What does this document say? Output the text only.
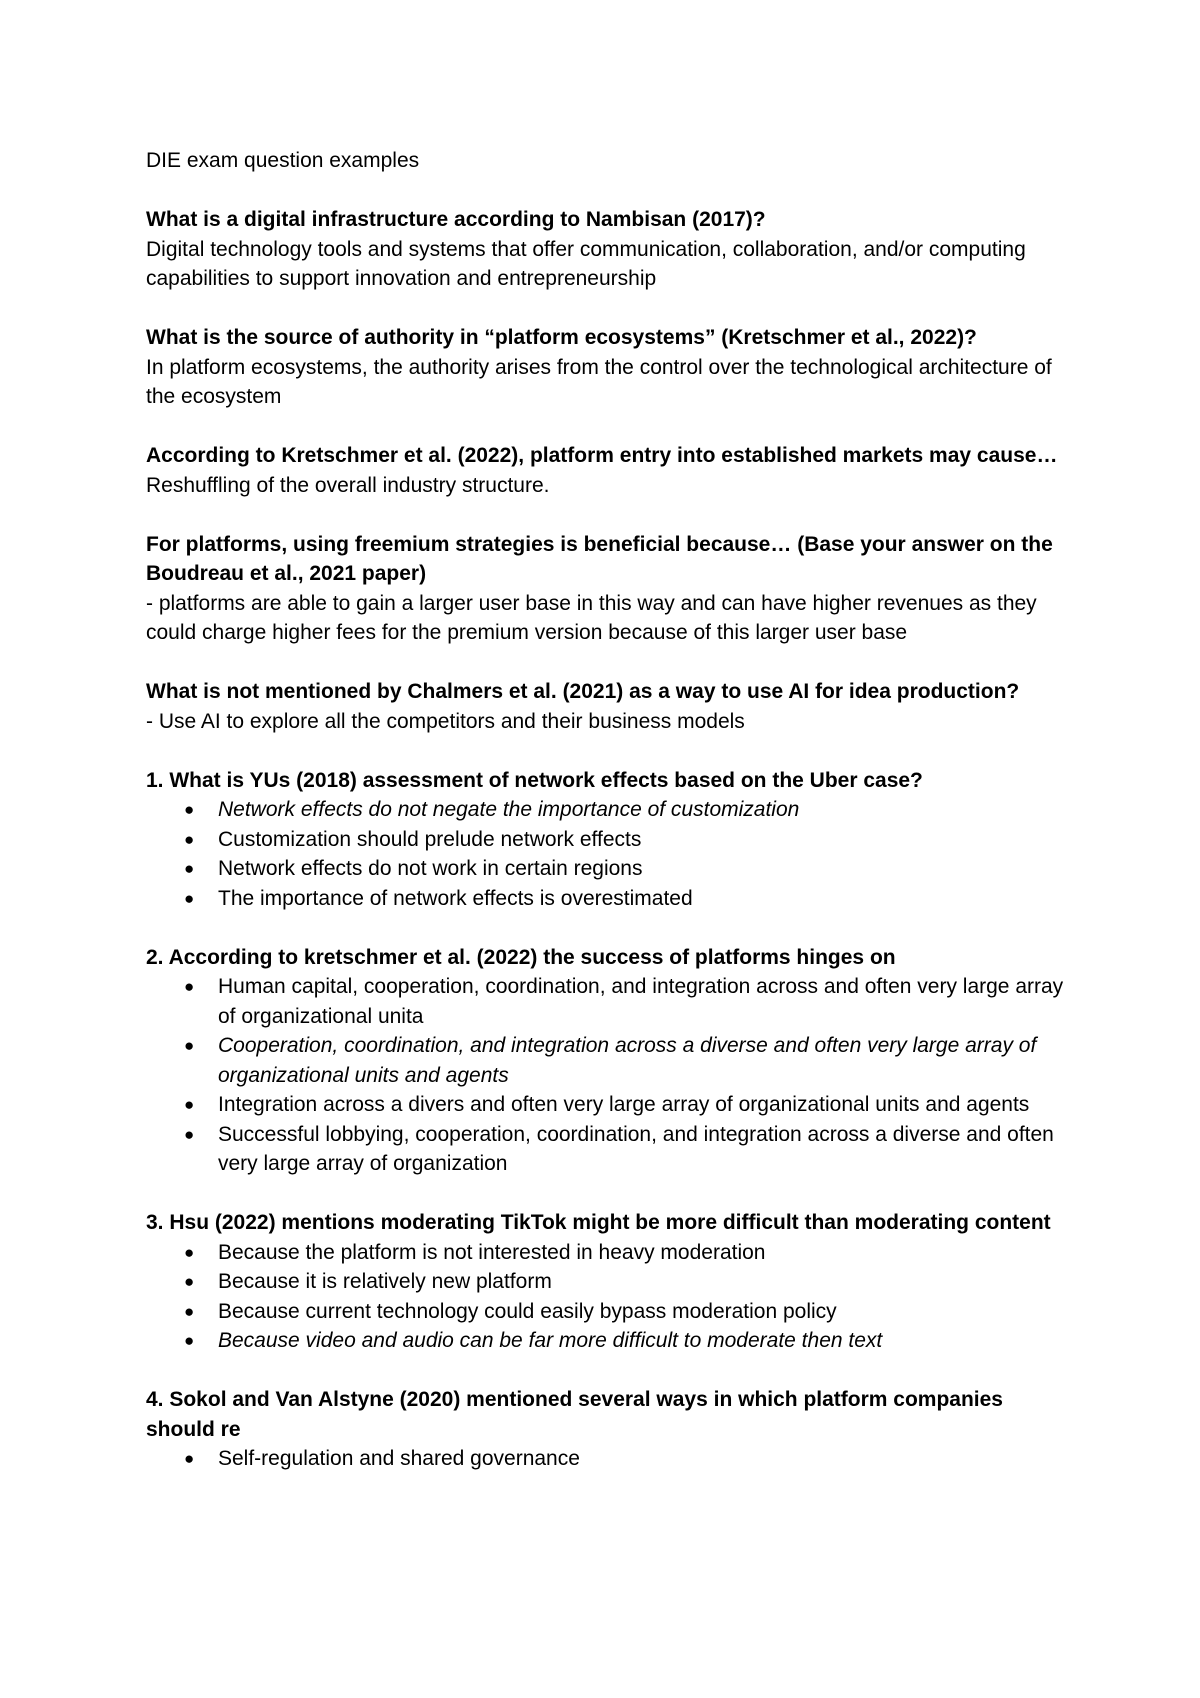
DIE exam question examples

What is a digital infrastructure according to Nambisan (2017)?

Digital technology tools and systems that offer communication, collaboration, and/or computing capabilities to support innovation and entrepreneurship

What is the source of authority in “platform ecosystems” (Kretschmer et al., 2022)?

In platform ecosystems, the authority arises from the control over the technological architecture of the ecosystem

According to Kretschmer et al. (2022), platform entry into established markets may cause…

Reshuffling of the overall industry structure.

For platforms, using freemium strategies is beneficial because… (Base your answer on the Boudreau et al., 2021 paper)

- platforms are able to gain a larger user base in this way and can have higher revenues as they could charge higher fees for the premium version because of this larger user base

What is not mentioned by Chalmers et al. (2021) as a way to use AI for idea production?

- Use AI to explore all the competitors and their business models

1. What is YUs (2018) assessment of network effects based on the Uber case?

●	Network effects do not negate the importance of customization
●	Customization should prelude network effects
●	Network effects do not work in certain regions
●	The importance of network effects is overestimated

2. According to kretschmer et al. (2022) the success of platforms hinges on

●	Human capital, cooperation, coordination, and integration across and often very large array of organizational unita
●	Cooperation, coordination, and integration across a diverse and often very large array of organizational units and agents
●	Integration across a divers and often very large array of organizational units and agents
●	Successful lobbying, cooperation, coordination, and integration across a diverse and often very large array of organization

3. Hsu (2022) mentions moderating TikTok might be more difficult than moderating content

●	Because the platform is not interested in heavy moderation
●	Because it is relatively new platform
●	Because current technology could easily bypass moderation policy
●	Because video and audio can be far more difficult to moderate then text

4. Sokol and Van Alstyne (2020) mentioned several ways in which platform companies should re

●	Self-regulation and shared governance
